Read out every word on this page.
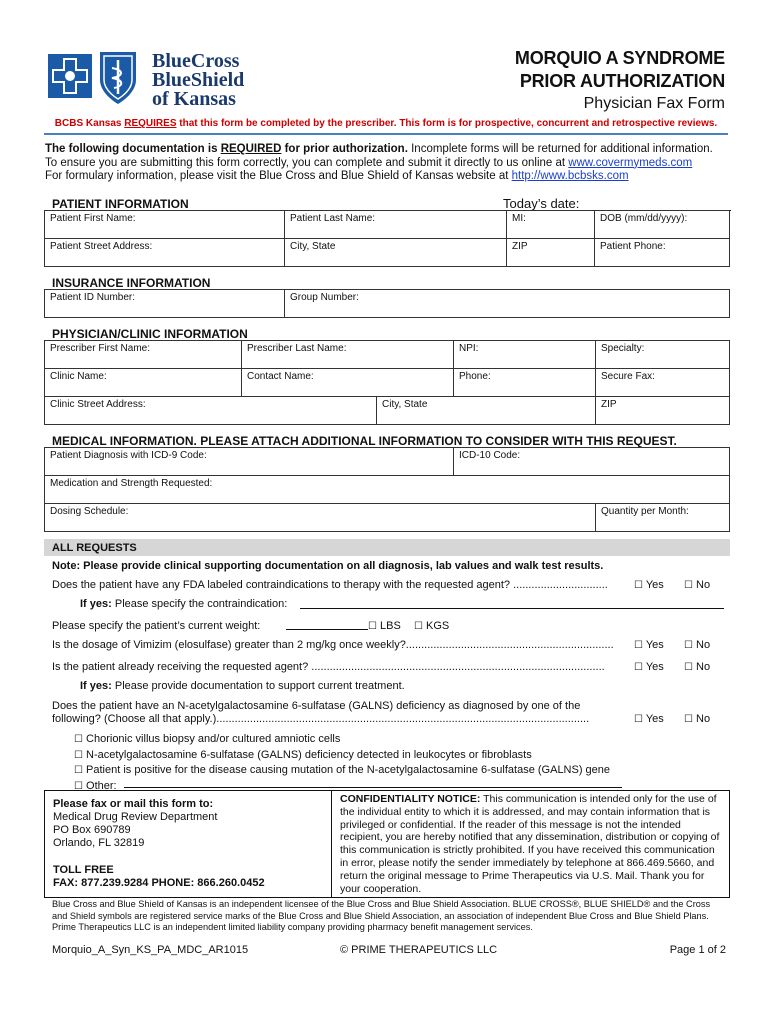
BlueCross
BlueShield
of Kansas
MORQUIO A SYNDROME
PRIOR AUTHORIZATION
Physician Fax Form
BCBS Kansas REQUIRES that this form be completed by the prescriber. This form is for prospective, concurrent and retrospective reviews.
The following documentation is REQUIRED for prior authorization. Incomplete forms will be returned for additional information.
To ensure you are submitting this form correctly, you can complete and submit it directly to us online at www.covermymeds.com
For formulary information, please visit the Blue Cross and Blue Shield of Kansas website at http://www.bcbsks.com
PATIENT INFORMATION	Today’s date:
Patient First Name:	Patient Last Name:	MI:	DOB (mm/dd/yyyy):
Patient Street Address:	City, State	ZIP	Patient Phone:
INSURANCE INFORMATION
Patient ID Number:	Group Number:
PHYSICIAN/CLINIC INFORMATION
Prescriber First Name:	Prescriber Last Name:	NPI:	Specialty:
Clinic Name:	Contact Name:	Phone:	Secure Fax:
Clinic Street Address:	City, State	ZIP
MEDICAL INFORMATION. PLEASE ATTACH ADDITIONAL INFORMATION TO CONSIDER WITH THIS REQUEST.
Patient Diagnosis with ICD-9 Code:	ICD-10 Code:
Medication and Strength Requested:
Dosing Schedule:	Quantity per Month:
ALL REQUESTS
Note: Please provide clinical supporting documentation on all diagnosis, lab values and walk test results.
Does the patient have any FDA labeled contraindications to therapy with the requested agent? ...............................	☐ Yes ☐ No
If yes: Please specify the contraindication:
Please specify the patient’s current weight:	☐ LBS ☐ KGS
Is the dosage of Vimizim (elosulfase) greater than 2 mg/kg once weekly?.................................................................... ☐ Yes ☐ No
Is the patient already receiving the requested agent? ................................................................................................	☐ Yes ☐ No
If yes: Please provide documentation to support current treatment.
Does the patient have an N-acetylgalactosamine 6-sulfatase (GALNS) deficiency as diagnosed by one of the
following? (Choose all that apply.)..........................................................................................................................	☐ Yes ☐ No
☐ Chorionic villus biopsy and/or cultured amniotic cells
☐ N-acetylgalactosamine 6-sulfatase (GALNS) deficiency detected in leukocytes or fibroblasts
☐ Patient is positive for the disease causing mutation of the N-acetylgalactosamine 6-sulfatase (GALNS) gene
☐ Other:
Please fax or mail this form to:
Medical Drug Review Department
PO Box 690789
Orlando, FL 32819
TOLL FREE
FAX: 877.239.9284 PHONE: 866.260.0452
CONFIDENTIALITY NOTICE: This communication is intended only for the use of the individual entity to which it is addressed, and may contain information that is privileged or confidential. If the reader of this message is not the intended recipient, you are hereby notified that any dissemination, distribution or copying of this communication is strictly prohibited. If you have received this communication in error, please notify the sender immediately by telephone at 866.469.5660, and return the original message to Prime Therapeutics via U.S. Mail. Thank you for your cooperation.
Blue Cross and Blue Shield of Kansas is an independent licensee of the Blue Cross and Blue Shield Association. BLUE CROSS®, BLUE SHIELD® and the Cross and Shield symbols are registered service marks of the Blue Cross and Blue Shield Association, an association of independent Blue Cross and Blue Shield Plans. Prime Therapeutics LLC is an independent limited liability company providing pharmacy benefit management services.
Morquio_A_Syn_KS_PA_MDC_AR1015	© PRIME THERAPEUTICS LLC	Page 1 of 2
